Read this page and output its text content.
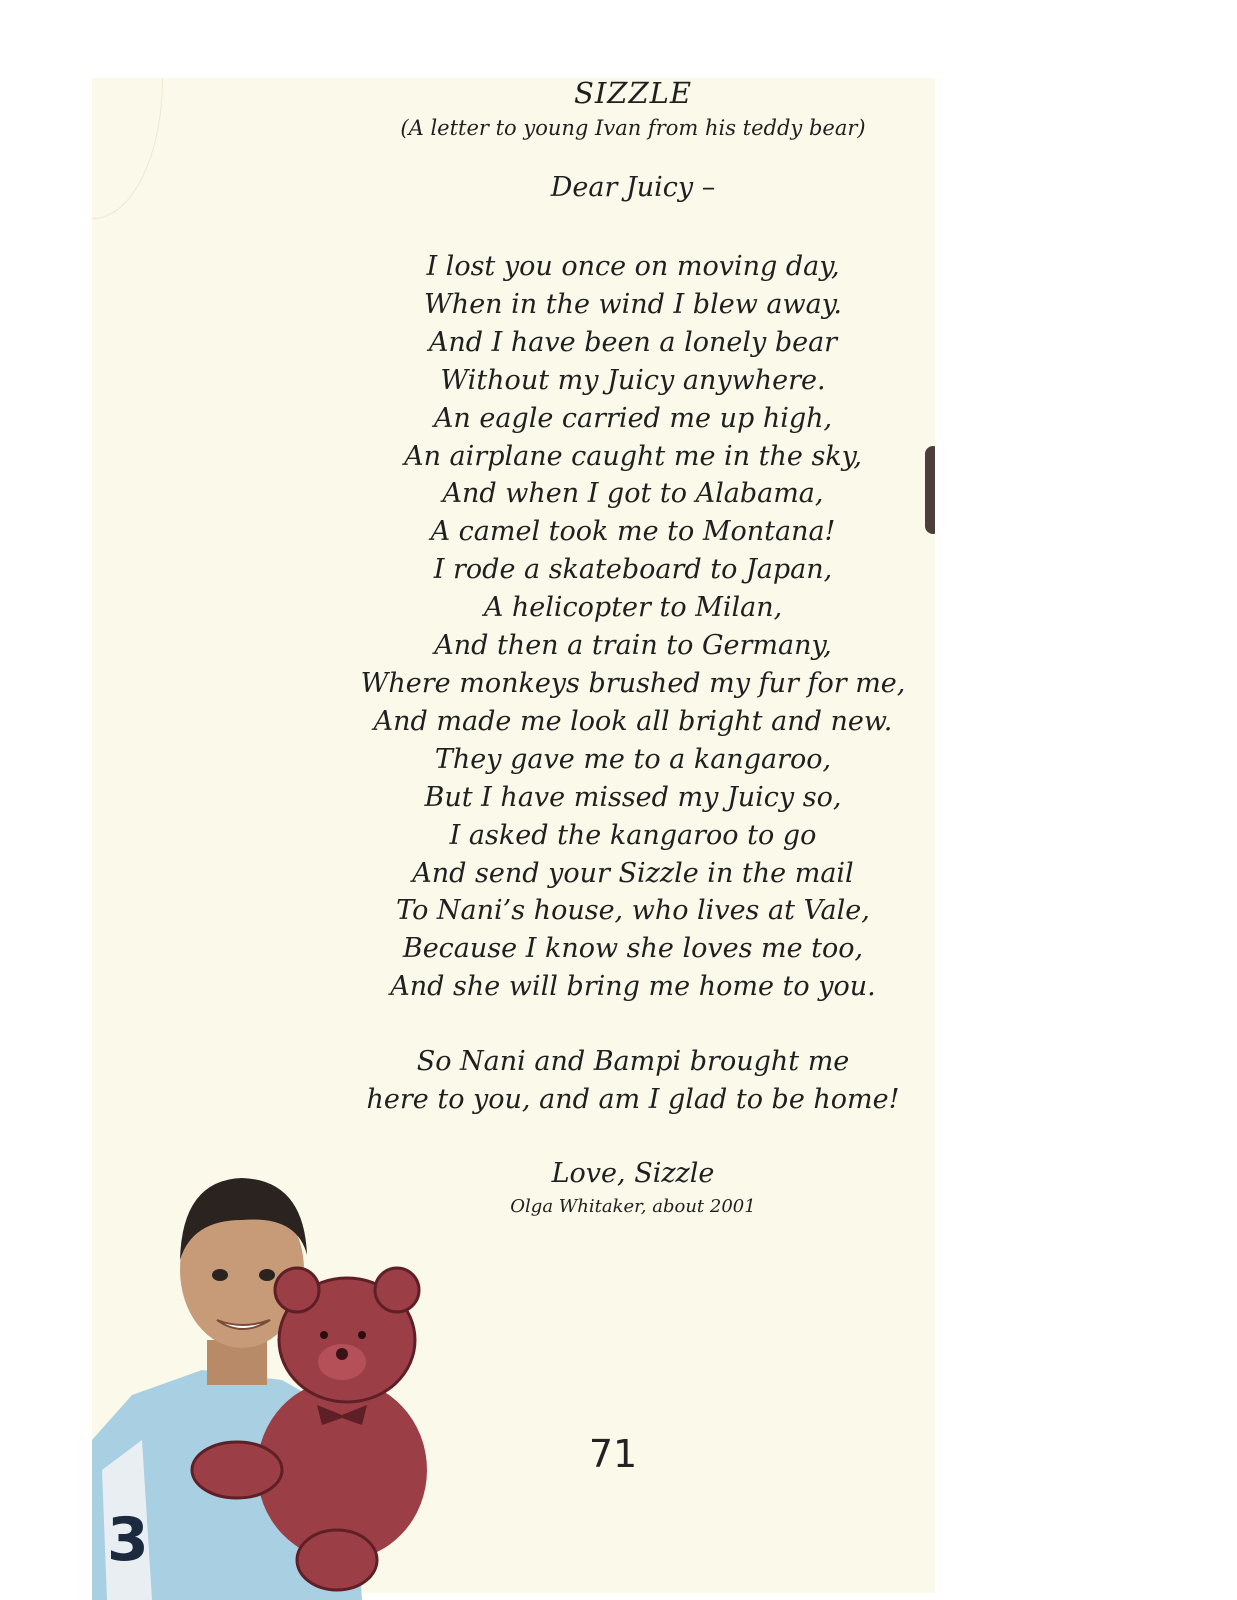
SIZZLE
(A letter to young Ivan from his teddy bear)
Dear Juicy –
I lost you once on moving day,
When in the wind I blew away.
And I have been a lonely bear
Without my Juicy anywhere.
An eagle carried me up high,
An airplane caught me in the sky,
And when I got to Alabama,
A camel took me to Montana!
I rode a skateboard to Japan,
A helicopter to Milan,
And then a train to Germany,
Where monkeys brushed my fur for me,
And made me look all bright and new.
They gave me to a kangaroo,
But I have missed my Juicy so,
I asked the kangaroo to go
And send your Sizzle in the mail
To Nani’s house, who lives at Vale,
Because I know she loves me too,
And she will bring me home to you.
So Nani and Bampi brought me
here to you, and am I glad to be home!
Love, Sizzle
Olga Whitaker, about 2001
71
3
